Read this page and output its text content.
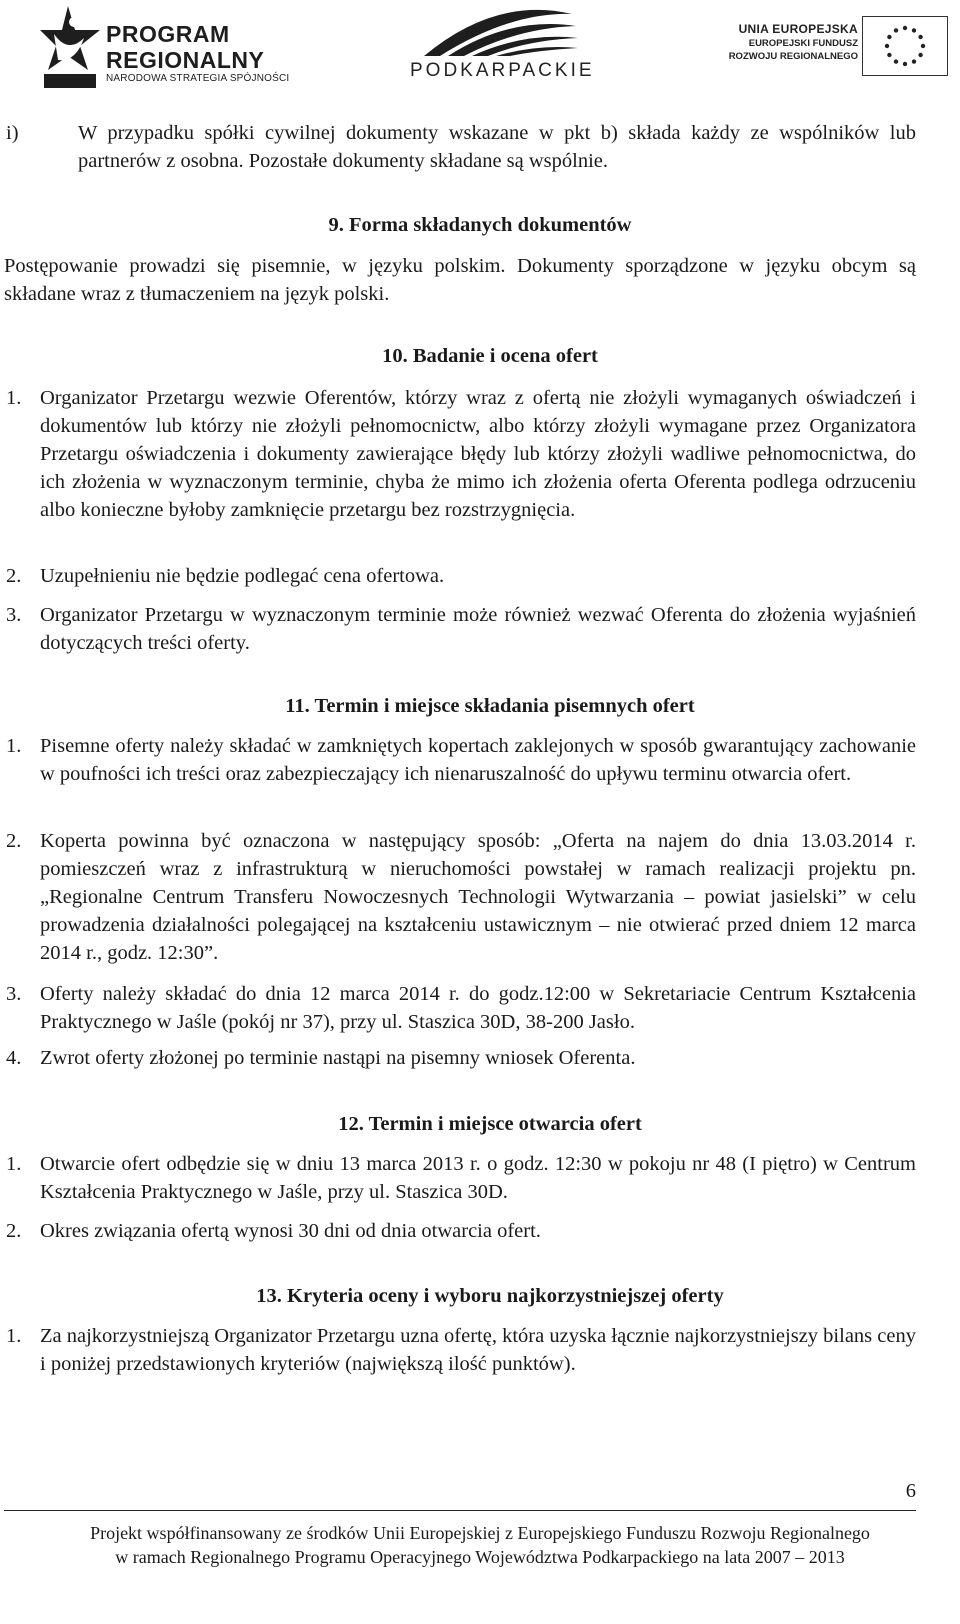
PROGRAM
REGIONALNY
NARODOWA STRATEGIA SPÓJNOŚCI	PODKARPACKIE
UNIA EUROPEJSKA
EUROPEJSKI FUNDUSZ
ROZWOJU REGIONALNEGO
i)	W przypadku spółki cywilnej dokumenty wskazane w pkt b) składa każdy ze wspólników lub partnerów z osobna. Pozostałe dokumenty składane są wspólnie.
9. Forma składanych dokumentów
Postępowanie prowadzi się pisemnie, w języku polskim. Dokumenty sporządzone w języku obcym są składane wraz z tłumaczeniem na język polski.
10. Badanie i ocena ofert
1. Organizator Przetargu wezwie Oferentów, którzy wraz z ofertą nie złożyli wymaganych oświadczeń i dokumentów lub którzy nie złożyli pełnomocnictw, albo którzy złożyli wymagane przez Organizatora Przetargu oświadczenia i dokumenty zawierające błędy lub którzy złożyli wadliwe pełnomocnictwa, do ich złożenia w wyznaczonym terminie, chyba że mimo ich złożenia oferta Oferenta podlega odrzuceniu albo konieczne byłoby zamknięcie przetargu bez rozstrzygnięcia.
2. Uzupełnieniu nie będzie podlegać cena ofertowa.
3. Organizator Przetargu w wyznaczonym terminie może również wezwać Oferenta do złożenia wyjaśnień dotyczących treści oferty.
11. Termin i miejsce składania pisemnych ofert
1. Pisemne oferty należy składać w zamkniętych kopertach zaklejonych w sposób gwarantujący zachowanie w poufności ich treści oraz zabezpieczający ich nienaruszalność do upływu terminu otwarcia ofert.
2. Koperta powinna być oznaczona w następujący sposób: „Oferta na najem do dnia 13.03.2014 r. pomieszczeń wraz z infrastrukturą w nieruchomości powstałej w ramach realizacji projektu pn. „Regionalne Centrum Transferu Nowoczesnych Technologii Wytwarzania – powiat jasielski” w celu prowadzenia działalności polegającej na kształceniu ustawicznym – nie otwierać przed dniem 12 marca 2014 r., godz. 12:30”.
3. Oferty należy składać do dnia 12 marca 2014 r. do godz.12:00 w Sekretariacie Centrum Kształcenia Praktycznego w Jaśle (pokój nr 37), przy ul. Staszica 30D, 38-200 Jasło.
4. Zwrot oferty złożonej po terminie nastąpi na pisemny wniosek Oferenta.
12. Termin i miejsce otwarcia ofert
1. Otwarcie ofert odbędzie się w dniu 13 marca 2013 r. o godz. 12:30 w pokoju nr 48 (I piętro) w Centrum Kształcenia Praktycznego w Jaśle, przy ul. Staszica 30D.
2. Okres związania ofertą wynosi 30 dni od dnia otwarcia ofert.
13. Kryteria oceny i wyboru najkorzystniejszej oferty
1. Za najkorzystniejszą Organizator Przetargu uzna ofertę, która uzyska łącznie najkorzystniejszy bilans ceny i poniżej przedstawionych kryteriów (największą ilość punktów).
6
Projekt współfinansowany ze środków Unii Europejskiej z Europejskiego Funduszu Rozwoju Regionalnego
w ramach Regionalnego Programu Operacyjnego Województwa Podkarpackiego na lata 2007 – 2013
